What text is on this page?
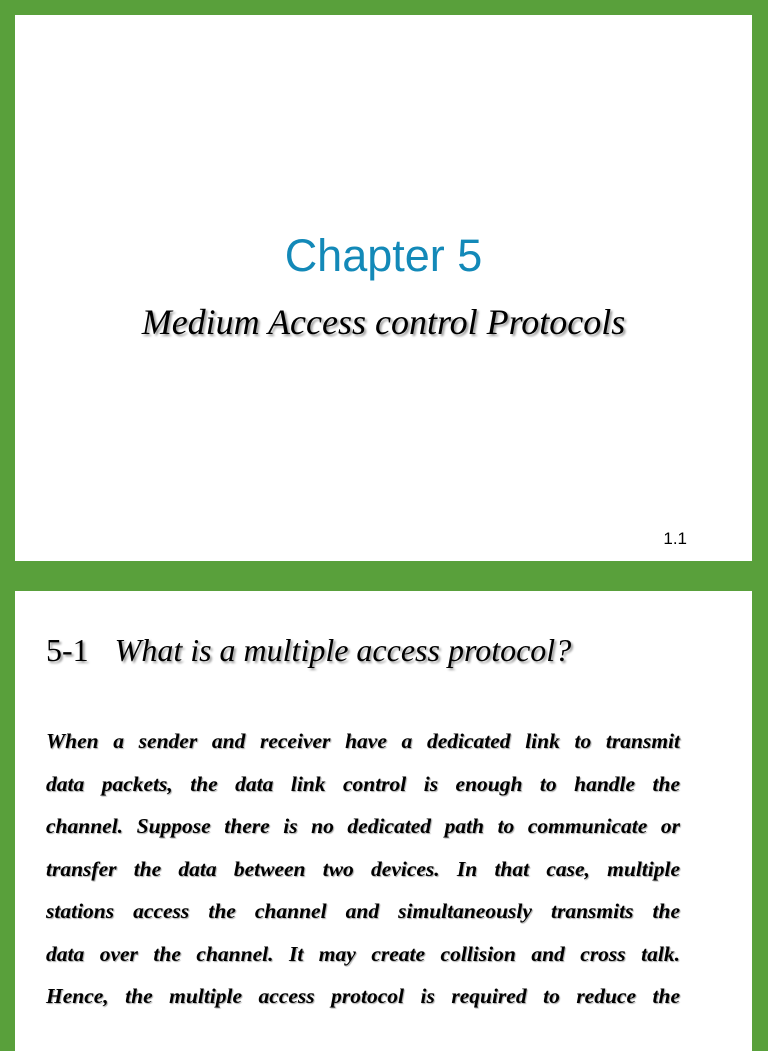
Chapter 5
Medium Access control Protocols
1.1
5-1 What is a multiple access protocol?
When a sender and receiver have a dedicated link to transmit
data packets, the data link control is enough to handle the
channel. Suppose there is no dedicated path to communicate or
transfer the data between two devices. In that case, multiple
stations access the channel and simultaneously transmits the
data over the channel. It may create collision and cross talk.
Hence, the multiple access protocol is required to reduce the
